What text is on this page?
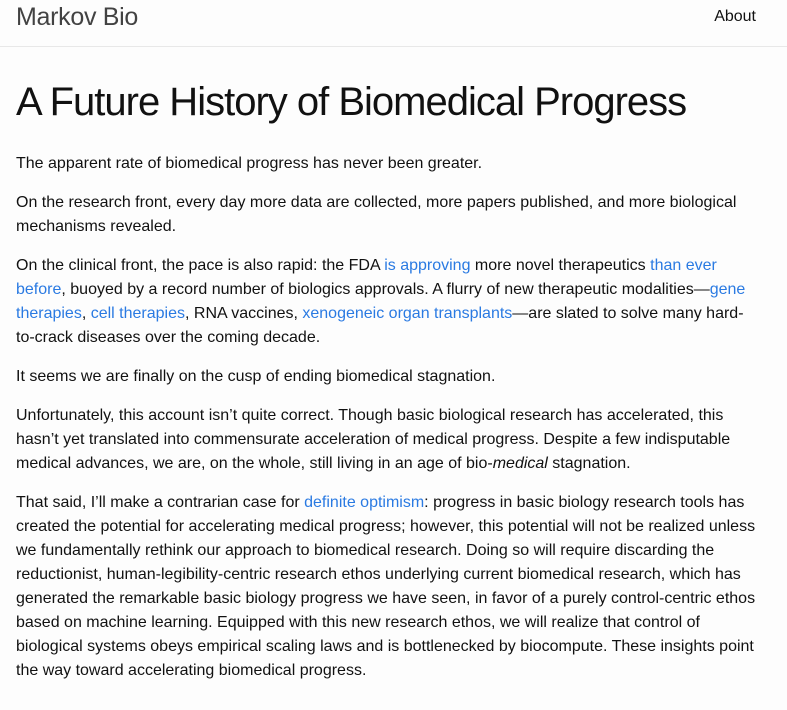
Markov Bio	About
A Future History of Biomedical Progress

The apparent rate of biomedical progress has never been greater.

On the research front, every day more data are collected, more papers published, and more biological mechanisms revealed.

On the clinical front, the pace is also rapid: the FDA is approving more novel therapeutics than ever before, buoyed by a record number of biologics approvals. A flurry of new therapeutic modalities—gene therapies, cell therapies, RNA vaccines, xenogeneic organ transplants—are slated to solve many hard-to-crack diseases over the coming decade.

It seems we are finally on the cusp of ending biomedical stagnation.

Unfortunately, this account isn’t quite correct. Though basic biological research has accelerated, this hasn’t yet translated into commensurate acceleration of medical progress. Despite a few indisputable medical advances, we are, on the whole, still living in an age of bio-medical stagnation.

That said, I’ll make a contrarian case for definite optimism: progress in basic biology research tools has created the potential for accelerating medical progress; however, this potential will not be realized unless we fundamentally rethink our approach to biomedical research. Doing so will require discarding the reductionist, human-legibility-centric research ethos underlying current biomedical research, which has generated the remarkable basic biology progress we have seen, in favor of a purely control-centric ethos based on machine learning. Equipped with this new research ethos, we will realize that control of biological systems obeys empirical scaling laws and is bottlenecked by biocompute. These insights point the way toward accelerating biomedical progress.
